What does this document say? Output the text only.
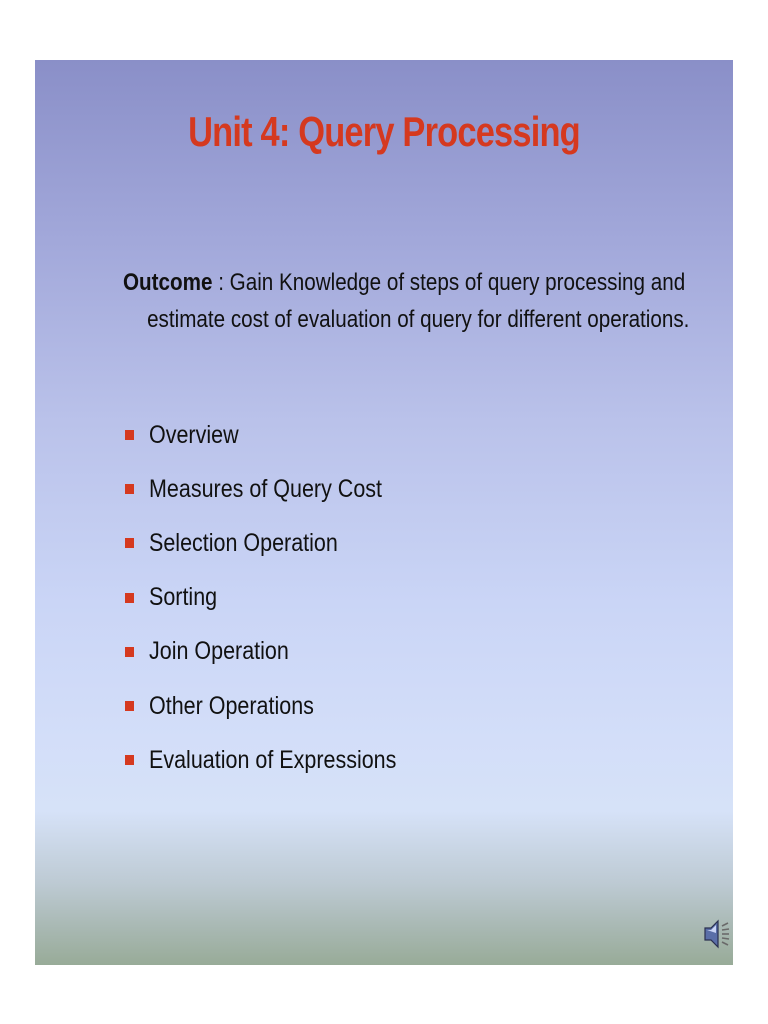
Unit 4: Query Processing

Outcome : Gain Knowledge of steps of query processing and
estimate cost of evaluation of query for different operations.

Overview
Measures of Query Cost
Selection Operation
Sorting
Join Operation
Other Operations
Evaluation of Expressions
